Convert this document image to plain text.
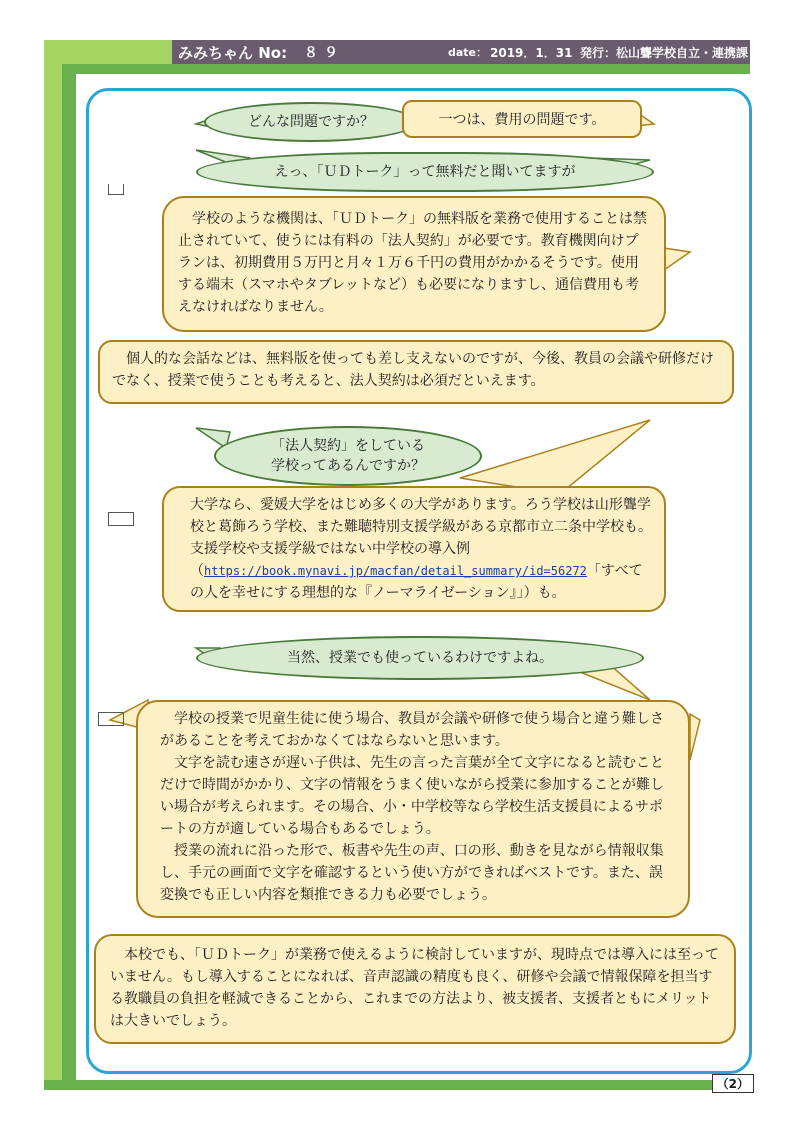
みみちゃん No: ８９	date： 2019．1．31 発行：松山聾学校自立・連携課
どんな問題ですか？	一つは、費用の問題です。
えっ、「ＵＤトーク」って無料だと聞いてますが

学校のような機関は、「ＵＤトーク」の無料版を業務で使用することは禁止されていて、使うには有料の「法人契約」が必要です。教育機関向けプランは、初期費用５万円と月々１万６千円の費用がかかるそうです。使用する端末（スマホやタブレットなど）も必要になりますし、通信費用も考えなければなりません。

個人的な会話などは、無料版を使っても差し支えないのですが、今後、教員の会議や研修だけでなく、授業で使うことも考えると、法人契約は必須だといえます。

「法人契約」をしている
学校ってあるんですか？

大学なら、愛媛大学をはじめ多くの大学があります。ろう学校は山形聾学校と葛飾ろう学校、また難聴特別支援学級がある京都市立二条中学校も。支援学校や支援学級ではない中学校の導入例（https://book.mynavi.jp/macfan/detail_summary/id=56272「すべての人を幸せにする理想的な『ノーマライゼーション』」）も。

当然、授業でも使っているわけですよね。

学校の授業で児童生徒に使う場合、教員が会議や研修で使う場合と違う難しさがあることを考えておかなくてはならないと思います。

文字を読む速さが遅い子供は、先生の言った言葉が全て文字になると読むことだけで時間がかかり、文字の情報をうまく使いながら授業に参加することが難しい場合が考えられます。その場合、小・中学校等なら学校生活支援員によるサポートの方が適している場合もあるでしょう。

授業の流れに沿った形で、板書や先生の声、口の形、動きを見ながら情報収集し、手元の画面で文字を確認するという使い方ができればベストです。また、誤変換でも正しい内容を類推できる力も必要でしょう。

本校でも、「ＵＤトーク」が業務で使えるように検討していますが、現時点では導入には至っていません。もし導入することになれば、音声認識の精度も良く、研修や会議で情報保障を担当する教職員の負担を軽減できることから、これまでの方法より、被支援者、支援者ともにメリットは大きいでしょう。

（2）
